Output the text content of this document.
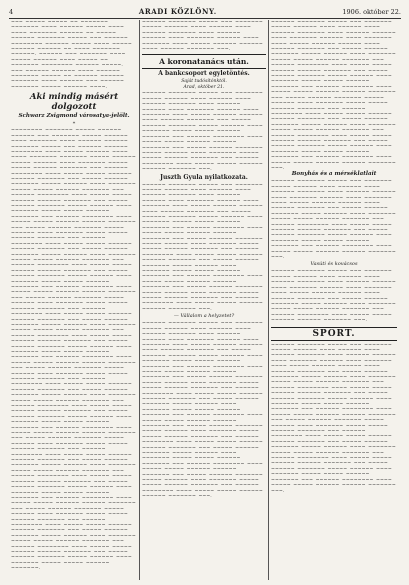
4	ARADI KÖZLÖNY.	1906. október 22.
~~~ ~~~~~ ~~~~~ ~~ ~~~~~~~ ~~~~~~~ ~~~~ ~~~~~~ ~~~~~ ~~~~ ~~~~ ~~~~~~~ ~~~~~~ ~~ ~~~~~ ~~~~~~ ~~~~~~~ ~~~~~ ~~~ ~~~~~~ ~~~~~~~~ ~~~~~~ ~~~~~ ~~~~ ~~~~~ ~~~~~~ ~~~~~~ ~~ ~~~~ ~~~~~~~ ~~~~~~. ~~~~~~ ~~~ ~~~~~~~ ~~~~ ~~~~~ ~~~~~~ ~~~~ ~~~~~ ~~ ~~~~~~~ ~~~~~~~~ ~~~~~~ ~~~~~. ~~~ ~~~~~~ ~~~~~~ ~~~~ ~~~~~~ ~~~~~~~ ~~~~~ ~~ ~~~~~~ ~~~~~~ ~~~~~~~ ~~~~ ~~~~~~ ~~~ ~~~~~~ ~~~~~~~ ~~~~~ ~~~~~~ ~~~~.
Aki mindig másért dolgozott
Schwarz Zsigmond városatya-jelölt.
*
~~~~~~~~ ~~~~~~~ ~~~~~ ~~~~~~ ~~~~~~ ~~~ ~~~~~~~ ~~~~~ ~~~~~~ ~~~~ ~~~~~~~ ~~~~ ~~~~~~ ~~~~~~ ~~~~~~~ ~~~~~ ~~~ ~~~~~~ ~~~~~~ ~~~~~~~~ ~~~~ ~~~~~ ~~~~~~ ~~~~ ~~~~ ~~~~~~~ ~~~~~~~ ~~~~~ ~~~~~~ ~~~~~ ~~~~~~ ~~~~ ~~~~~~~ ~~~~~ ~~~~~ ~~~~~~ ~~~~~~~ ~~~ ~~~~~~ ~~~~~~~~ ~~~~ ~~~~~ ~~~~~ ~~~~~~ ~~~~~~ ~~~~~~~ ~~~ ~~~~~ ~~~~~~ ~~~~~~~ ~~~~~ ~~~~~~ ~~~~ ~~~~~~~ ~~~~~ ~~~~~ ~~~~~~ ~~~~~~~ ~~~ ~~~~~~ ~~~~~~~~ ~~~~ ~~~~~ ~~~~~ ~~~~~~ ~~~~~~ ~~~~~~~ ~~~ ~~~~~ ~~~~~~ ~~~~~~~ ~~~~~ ~~~~~~ ~~~~ ~~~~~~~ ~~~~~ ~~~~~ ~~~~~~ ~~~~~~~ ~~~ ~~~~~~ ~~~~~~~~ ~~~~ ~~~~~ ~~~~~ ~~~~~~ ~~~~~~ ~~~~~~~ ~~~ ~~~~~ ~~~~~~ ~~~~~~~ ~~~~~ ~~~~~~ ~~~~ ~~~~~~~ ~~~~~ ~~~~~ ~~~~~~ ~~~~~~~ ~~~ ~~~~~~ ~~~~~~~~ ~~~~ ~~~~~ ~~~~~ ~~~~~~ ~~~~~~ ~~~~~~~ ~~~ ~~~~~ ~~~~~~ ~~~~~~~ ~~~~~ ~~~~~~ ~~~~ ~~~~~~~ ~~~~~ ~~~~~ ~~~~~~ ~~~~~~~ ~~~ ~~~~~~ ~~~~~~~~ ~~~~ ~~~~~ ~~~~~ ~~~~~~ ~~~~~~ ~~~~~~~ ~~~ ~~~~~ ~~~~~~ ~~~~~~~ ~~~~~ ~~~~~~ ~~~~ ~~~~~~~ ~~~~~ ~~~~~ ~~~~~~ ~~~~~~~ ~~~ ~~~~~~ ~~~~~~~~ ~~~~ ~~~~~ ~~~~~ ~~~~~~ ~~~~~~ ~~~~~~~ ~~~ ~~~~~ ~~~~~~ ~~~~~~~ ~~~~~ ~~~~~~ ~~~~ ~~~~~~~ ~~~~~ ~~~~~ ~~~~~~ ~~~~~~~ ~~~ ~~~~~~ ~~~~~~~~ ~~~~ ~~~~~ ~~~~~ ~~~~~~ ~~~~~~ ~~~~~~~ ~~~ ~~~~~ ~~~~~~ ~~~~~~~ ~~~~~ ~~~~~~ ~~~~ ~~~~~~~ ~~~~~ ~~~~~ ~~~~~~ ~~~~~~~ ~~~ ~~~~~~ ~~~~~~~~ ~~~~ ~~~~~ ~~~~~ ~~~~~~ ~~~~~~ ~~~~~~~ ~~~ ~~~~~ ~~~~~~ ~~~~~~~ ~~~~~ ~~~~~~ ~~~~ ~~~~~~~ ~~~~~ ~~~~~ ~~~~~~ ~~~~~~~ ~~~ ~~~~~~ ~~~~~~~~ ~~~~ ~~~~~ ~~~~~ ~~~~~~ ~~~~~~ ~~~~~~~ ~~~ ~~~~~ ~~~~~~ ~~~~~~~ ~~~~~ ~~~~~~ ~~~~ ~~~~~~~ ~~~~~ ~~~~~ ~~~~~~ ~~~~~~~ ~~~ ~~~~~~ ~~~~~~~~ ~~~~ ~~~~~ ~~~~~ ~~~~~~ ~~~~~~ ~~~~~~~ ~~~ ~~~~~ ~~~~~~ ~~~~~~~ ~~~~~ ~~~~~~ ~~~~ ~~~~~~~ ~~~~~ ~~~~~ ~~~~~~ ~~~~~~~ ~~~ ~~~~~~ ~~~~~~~~ ~~~~ ~~~~~ ~~~~~ ~~~~~~ ~~~~~~ ~~~~~~~ ~~~ ~~~~~ ~~~~~~ ~~~~~~~ ~~~~~ ~~~~~~ ~~~~ ~~~~~~~ ~~~~~ ~~~~~ ~~~~~~ ~~~~~~~ ~~~ ~~~~~~ ~~~~~~~~ ~~~~ ~~~~~ ~~~~~ ~~~~~~ ~~~~~~ ~~~~~~~ ~~~ ~~~~~ ~~~~~~ ~~~~~~~ ~~~~~ ~~~~~~ ~~~~ ~~~~~~~ ~~~~~ ~~~~~ ~~~~~~ ~~~~~~~ ~~~ ~~~~~~ ~~~~~~~~ ~~~~ ~~~~~ ~~~~~ ~~~~~~ ~~~~~~ ~~~~~~~ ~~~ ~~~~~ ~~~~~~ ~~~~~~~ ~~~~~ ~~~~~~ ~~~~ ~~~~~~~ ~~~~~ ~~~~~ ~~~~~~ ~~~~~~~ ~~~ ~~~~~~ ~~~~~~~~ ~~~~ ~~~~~ ~~~~~ ~~~~~~ ~~~~~~ ~~~~~~~ ~~~ ~~~~~ ~~~~~~ ~~~~~~~ ~~~~~ ~~~~~~ ~~~~ ~~~~~~~ ~~~~~ ~~~~~ ~~~~~~ ~~~~~~~ ~~~ ~~~~~~ ~~~~~~~~ ~~~~ ~~~~~ ~~~~~ ~~~~~~ ~~~~~~ ~~~~~~~ ~~~ ~~~~~ ~~~~~~ ~~~~~~~ ~~~~~ ~~~~~~ ~~~~ ~~~~~~~ ~~~~~ ~~~~~ ~~~~~~ ~~~~~~~ ~~~ ~~~~~~ ~~~~~~~~ ~~~~ ~~~~~ ~~~~~ ~~~~~~ ~~~~~~ ~~~~~~~ ~~~ ~~~~~ ~~~~~~ ~~~~~~~ ~~~~~ ~~~~~~ ~~~~ ~~~~~~~ ~~~~~ ~~~~~ ~~~~~~ ~~~~~~~ ~~~ ~~~~~~ ~~~~~~~~ ~~~~ ~~~~~ ~~~~~ ~~~~~~ ~~~~~~ ~~~~~~~ ~~~ ~~~~~ ~~~~~~ ~~~~~~~ ~~~~~ ~~~~~~ ~~~~ ~~~~~~~ ~~~~~ ~~~~~ ~~~~~~ ~~~~~~~.
~~~~~~ ~~~~~~~ ~~~~~ ~~~ ~~~~~~~ ~~~~~ ~~~~~~ ~~~~ ~~~~~~ ~~~~ ~~~~~~ ~~~~~~~ ~~~~ ~~~~~~ ~~~~~~ ~~~~ ~~~~~~~ ~~~~~~ ~~~~ ~~~~~~~ ~~~~ ~~~~~ ~~~~~~ ~~~~~~ ~~~~ ~~~~~~ ~~~~~~~ ~~~.
A koronatanács után.
A bankcsoport egyletöntés.
Saját tudósítónktól.
Arad, október 21.
~~~~~~ ~~~~~~~ ~~~~~ ~~~ ~~~~~~~ ~~~~~ ~~~~~~ ~~~~ ~~~~~~ ~~~~ ~~~~~~ ~~~~~~~ ~~~~ ~~~~~~ ~~~~~~ ~~~~ ~~~~~~~ ~~~~~~ ~~~~ ~~~~~~~ ~~~~ ~~~~~ ~~~~~~ ~~~~~~ ~~~~ ~~~~~~ ~~~~~~~ ~~~ ~~~~~ ~~~~~~ ~~~~~~~ ~~~~~ ~~~~~~ ~~~~ ~~~~~~~ ~~~~~ ~~~~~ ~~~~~~ ~~~~~~~ ~~~ ~~~~~~ ~~~~~~~~ ~~~~ ~~~~~ ~~~~~ ~~~~~~ ~~~~~~ ~~~~~~~ ~~~ ~~~~~ ~~~~~~ ~~~~~~~ ~~~~~ ~~~~~~ ~~~~ ~~~~~~~ ~~~~~ ~~~~~ ~~~~~~ ~~~~~~~ ~~~ ~~~~~~ ~~~~~~~~ ~~~~ ~~~~~ ~~~~~ ~~~~~~ ~~~~~~ ~~~~~~~ ~~~.
Juszth Gyula nyilatkozata.
~~~~~~ ~~~~~~~ ~~~~~ ~~~ ~~~~~~~ ~~~~~ ~~~~~~ ~~~~ ~~~~~~ ~~~~ ~~~~~~ ~~~~~~~ ~~~~ ~~~~~~ ~~~~~~ ~~~~ ~~~~~~~ ~~~~~~ ~~~~ ~~~~~~~ ~~~~ ~~~~~ ~~~~~~ ~~~~~~ ~~~~ ~~~~~~ ~~~~~~~ ~~~ ~~~~~ ~~~~~~ ~~~~~~~ ~~~~~ ~~~~~~ ~~~~ ~~~~~~~ ~~~~~ ~~~~~ ~~~~~~ ~~~~~~~ ~~~ ~~~~~~ ~~~~~~~~ ~~~~ ~~~~~ ~~~~~ ~~~~~~ ~~~~~~ ~~~~~~~ ~~~ ~~~~~ ~~~~~~ ~~~~~~~ ~~~~~ ~~~~~~ ~~~~ ~~~~~~~ ~~~~~ ~~~~~ ~~~~~~ ~~~~~~~ ~~~ ~~~~~~ ~~~~~~~~ ~~~~ ~~~~~ ~~~~~ ~~~~~~ ~~~~~~ ~~~~~~~ ~~~ ~~~~~ ~~~~~~ ~~~~~~~ ~~~~~ ~~~~~~ ~~~~ ~~~~~~~ ~~~~~ ~~~~~ ~~~~~~ ~~~~~~~ ~~~ ~~~~~~ ~~~~~~~~ ~~~~ ~~~~~ ~~~~~ ~~~~~~ ~~~~~~ ~~~~~~~ ~~~ ~~~~~ ~~~~~~ ~~~~~~~ ~~~~~ ~~~~~~ ~~~~ ~~~~~~~ ~~~~~ ~~~~~ ~~~~~~ ~~~~~~~ ~~~ ~~~~~~ ~~~~~~~~ ~~~~ ~~~~~ ~~~~~ ~~~~~~ ~~~~~~ ~~~~~~~ ~~~.
— Vállalom a helyzetet?
~~~~~~ ~~~~~~~ ~~~~~ ~~~ ~~~~~~~ ~~~~~ ~~~~~~ ~~~~ ~~~~~~ ~~~~ ~~~~~~ ~~~~~~~ ~~~~ ~~~~~~ ~~~~~~ ~~~~ ~~~~~~~ ~~~~~~ ~~~~ ~~~~~~~ ~~~~ ~~~~~ ~~~~~~ ~~~~~~ ~~~~ ~~~~~~ ~~~~~~~ ~~~ ~~~~~ ~~~~~~ ~~~~~~~ ~~~~~ ~~~~~~ ~~~~ ~~~~~~~ ~~~~~ ~~~~~ ~~~~~~ ~~~~~~~ ~~~ ~~~~~~ ~~~~~~~~ ~~~~ ~~~~~ ~~~~~ ~~~~~~ ~~~~~~ ~~~~~~~ ~~~ ~~~~~ ~~~~~~ ~~~~~~~ ~~~~~ ~~~~~~ ~~~~ ~~~~~~~ ~~~~~ ~~~~~ ~~~~~~ ~~~~~~~ ~~~ ~~~~~~ ~~~~~~~~ ~~~~ ~~~~~ ~~~~~ ~~~~~~ ~~~~~~ ~~~~~~~ ~~~ ~~~~~ ~~~~~~ ~~~~~~~ ~~~~~ ~~~~~~ ~~~~ ~~~~~~~ ~~~~~ ~~~~~ ~~~~~~ ~~~~~~~ ~~~ ~~~~~~ ~~~~~~~~ ~~~~ ~~~~~ ~~~~~ ~~~~~~ ~~~~~~ ~~~~~~~ ~~~ ~~~~~ ~~~~~~ ~~~~~~~ ~~~~~ ~~~~~~ ~~~~ ~~~~~~~ ~~~~~ ~~~~~ ~~~~~~ ~~~~~~~ ~~~ ~~~~~~ ~~~~~~~~ ~~~~ ~~~~~ ~~~~~ ~~~~~~ ~~~~~~ ~~~~~~~ ~~~ ~~~~~ ~~~~~~ ~~~~~~~ ~~~~~ ~~~~~~ ~~~~ ~~~~~~~ ~~~~~ ~~~~~ ~~~~~~ ~~~~~~~ ~~~ ~~~~~~ ~~~~~~~~ ~~~~ ~~~~~ ~~~~~ ~~~~~~ ~~~~~~ ~~~~~~~ ~~~ ~~~~~ ~~~~~~ ~~~~~~~ ~~~~~ ~~~~~~ ~~~~ ~~~~~~~ ~~~~~ ~~~~~ ~~~~~~ ~~~~~~~ ~~~ ~~~~~~ ~~~~~~~~ ~~~~ ~~~~~ ~~~~~ ~~~~~~ ~~~~~~ ~~~~~~~ ~~~.
~~~~~~ ~~~~~~~ ~~~~~ ~~~ ~~~~~~~ ~~~~~ ~~~~~~ ~~~~ ~~~~~~ ~~~~ ~~~~~~ ~~~~~~~ ~~~~ ~~~~~~ ~~~~~~ ~~~~ ~~~~~~~ ~~~~~~ ~~~~ ~~~~~~~ ~~~~ ~~~~~ ~~~~~~ ~~~~~~ ~~~~ ~~~~~~ ~~~~~~~ ~~~ ~~~~~ ~~~~~~ ~~~~~~~ ~~~~~ ~~~~~~ ~~~~ ~~~~~~~ ~~~~~ ~~~~~ ~~~~~~ ~~~~~~~ ~~~ ~~~~~~ ~~~~~~~~ ~~~~ ~~~~~ ~~~~~ ~~~~~~ ~~~~~~ ~~~~~~~ ~~~ ~~~~~ ~~~~~~ ~~~~~~~ ~~~~~ ~~~~~~ ~~~~ ~~~~~~~ ~~~~~ ~~~~~ ~~~~~~ ~~~~~~~ ~~~ ~~~~~~ ~~~~~~~~ ~~~~ ~~~~~ ~~~~~ ~~~~~~ ~~~~~~ ~~~~~~~ ~~~ ~~~~~ ~~~~~~ ~~~~~~~ ~~~~~ ~~~~~~ ~~~~ ~~~~~~~ ~~~~~ ~~~~~ ~~~~~~ ~~~~~~~ ~~~ ~~~~~~ ~~~~~~~~ ~~~~ ~~~~~ ~~~~~ ~~~~~~ ~~~~~~ ~~~~~~~ ~~~ ~~~~~ ~~~~~~ ~~~~~~~ ~~~~~ ~~~~~~ ~~~~ ~~~~~~~ ~~~~~ ~~~~~ ~~~~~~ ~~~~~~~ ~~~ ~~~~~~ ~~~~~~~~ ~~~~ ~~~~~ ~~~~~ ~~~~~~ ~~~~~~ ~~~~~~~ ~~~ ~~~~~ ~~~~~~ ~~~~~~~ ~~~~~ ~~~~~~ ~~~~ ~~~~~~~ ~~~~~ ~~~~~ ~~~~~~ ~~~~~~~ ~~~ ~~~~~~ ~~~~~~~~ ~~~~ ~~~~~ ~~~~~ ~~~~~~ ~~~~~~ ~~~~~~~ ~~~.
Bonyhás és a mérséklatlait
~~~~~~ ~~~~~~~ ~~~~~ ~~~ ~~~~~~~ ~~~~~ ~~~~~~ ~~~~ ~~~~~~ ~~~~ ~~~~~~ ~~~~~~~ ~~~~ ~~~~~~ ~~~~~~ ~~~~ ~~~~~~~ ~~~~~~ ~~~~ ~~~~~~~ ~~~~ ~~~~~ ~~~~~~ ~~~~~~ ~~~~ ~~~~~~ ~~~~~~~ ~~~ ~~~~~ ~~~~~~ ~~~~~~~ ~~~~~ ~~~~~~ ~~~~ ~~~~~~~ ~~~~~ ~~~~~ ~~~~~~ ~~~~~~~ ~~~ ~~~~~~ ~~~~~~~~ ~~~~ ~~~~~ ~~~~~ ~~~~~~ ~~~~~~ ~~~~~~~ ~~~ ~~~~~ ~~~~~~ ~~~~~~~ ~~~~~ ~~~~~~ ~~~~ ~~~~~~~ ~~~~~ ~~~~~ ~~~~~~ ~~~~~~~ ~~~ ~~~~~~ ~~~~~~~~ ~~~~ ~~~~~ ~~~~~ ~~~~~~ ~~~~~~ ~~~~~~~ ~~~.
Vasúti és kovácsos
~~~~~~ ~~~~~~~ ~~~~~ ~~~ ~~~~~~~ ~~~~~ ~~~~~~ ~~~~ ~~~~~~ ~~~~ ~~~~~~ ~~~~~~~ ~~~~ ~~~~~~ ~~~~~~ ~~~~ ~~~~~~~ ~~~~~~ ~~~~ ~~~~~~~ ~~~~ ~~~~~ ~~~~~~ ~~~~~~ ~~~~ ~~~~~~ ~~~~~~~ ~~~ ~~~~~ ~~~~~~ ~~~~~~~ ~~~~~ ~~~~~~ ~~~~ ~~~~~~~ ~~~~~ ~~~~~ ~~~~~~ ~~~~~~~ ~~~ ~~~~~~ ~~~~~~~~ ~~~~ ~~~~~ ~~~~~ ~~~~~~ ~~~~~~ ~~~~~~~ ~~~.
SPORT.
~~~~~~ ~~~~~~~ ~~~~~ ~~~ ~~~~~~~ ~~~~~ ~~~~~~ ~~~~ ~~~~~~ ~~~~ ~~~~~~ ~~~~~~~ ~~~~ ~~~~~~ ~~~~~~ ~~~~ ~~~~~~~ ~~~~~~ ~~~~ ~~~~~~~ ~~~~ ~~~~~ ~~~~~~ ~~~~~~ ~~~~ ~~~~~~ ~~~~~~~ ~~~ ~~~~~ ~~~~~~ ~~~~~~~ ~~~~~ ~~~~~~ ~~~~ ~~~~~~~ ~~~~~ ~~~~~ ~~~~~~ ~~~~~~~ ~~~ ~~~~~~ ~~~~~~~~ ~~~~ ~~~~~ ~~~~~ ~~~~~~ ~~~~~~ ~~~~~~~ ~~~ ~~~~~ ~~~~~~ ~~~~~~~ ~~~~~ ~~~~~~ ~~~~ ~~~~~~~ ~~~~~ ~~~~~ ~~~~~~ ~~~~~~~ ~~~ ~~~~~~ ~~~~~~~~ ~~~~ ~~~~~ ~~~~~ ~~~~~~ ~~~~~~ ~~~~~~~ ~~~ ~~~~~ ~~~~~~ ~~~~~~~ ~~~~~ ~~~~~~ ~~~~ ~~~~~~~ ~~~~~ ~~~~~ ~~~~~~ ~~~~~~~ ~~~ ~~~~~~ ~~~~~~~~ ~~~~ ~~~~~ ~~~~~ ~~~~~~ ~~~~~~ ~~~~~~~ ~~~ ~~~~~ ~~~~~~ ~~~~~~~ ~~~~~ ~~~~~~ ~~~~ ~~~~~~~ ~~~~~ ~~~~~ ~~~~~~ ~~~~~~~ ~~~ ~~~~~~ ~~~~~~~~ ~~~~ ~~~~~ ~~~~~ ~~~~~~ ~~~~~~ ~~~~~~~ ~~~ ~~~~~ ~~~~~~ ~~~~~~~ ~~~~~ ~~~~~~ ~~~~ ~~~~~~~ ~~~~~ ~~~~~ ~~~~~~ ~~~~~~~ ~~~ ~~~~~~ ~~~~~~~~ ~~~~ ~~~~~ ~~~~~ ~~~~~~ ~~~~~~ ~~~~~~~ ~~~.
